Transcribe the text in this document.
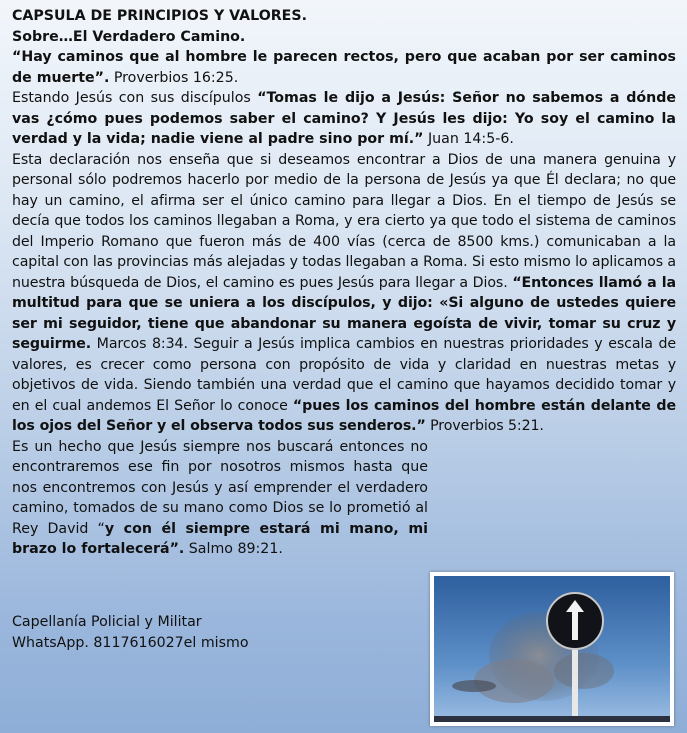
CAPSULA DE PRINCIPIOS Y VALORES.

Sobre…El Verdadero Camino.

“Hay caminos que al hombre le parecen rectos, pero que acaban por ser caminos de muerte”. Proverbios 16:25.

Estando Jesús con sus discípulos “Tomas le dijo a Jesús: Señor no sabemos a dónde vas ¿cómo pues podemos saber el camino? Y Jesús les dijo: Yo soy el camino la verdad y la vida; nadie viene al padre sino por mí.” Juan 14:5-6.

Esta declaración nos enseña que si deseamos encontrar a Dios de una manera genuina y personal sólo podremos hacerlo por medio de la persona de Jesús ya que Él declara; no que hay un camino, el afirma ser el único camino para llegar a Dios. En el tiempo de Jesús se decía que todos los caminos llegaban a Roma, y era cierto ya que todo el sistema de caminos del Imperio Romano que fueron más de 400 vías (cerca de 8500 kms.) comunicaban a la capital con las provincias más alejadas y todas llegaban a Roma. Si esto mismo lo aplicamos a nuestra búsqueda de Dios, el camino es pues Jesús para llegar a Dios. “Entonces llamó a la multitud para que se uniera a los discípulos, y dijo: «Si alguno de ustedes quiere ser mi seguidor, tiene que abandonar su manera egoísta de vivir, tomar su cruz y seguirme. Marcos 8:34. Seguir a Jesús implica cambios en nuestras prioridades y escala de valores, es crecer como persona con propósito de vida y claridad en nuestras metas y objetivos de vida. Siendo también una verdad que el camino que hayamos decidido tomar y en el cual andemos El Señor lo conoce “pues los caminos del hombre están delante de los ojos del Señor y el observa todos sus senderos.” Proverbios 5:21.

Es un hecho que Jesús siempre nos buscará entonces no encontraremos ese fin por nosotros mismos hasta que nos encontremos con Jesús y así emprender el verdadero camino, tomados de su mano como Dios se lo prometió al Rey David “y con él siempre estará mi mano, mi brazo lo fortalecerá”. Salmo 89:21.

Capellanía Policial y Militar
WhatsApp. 8117616027el mismo
